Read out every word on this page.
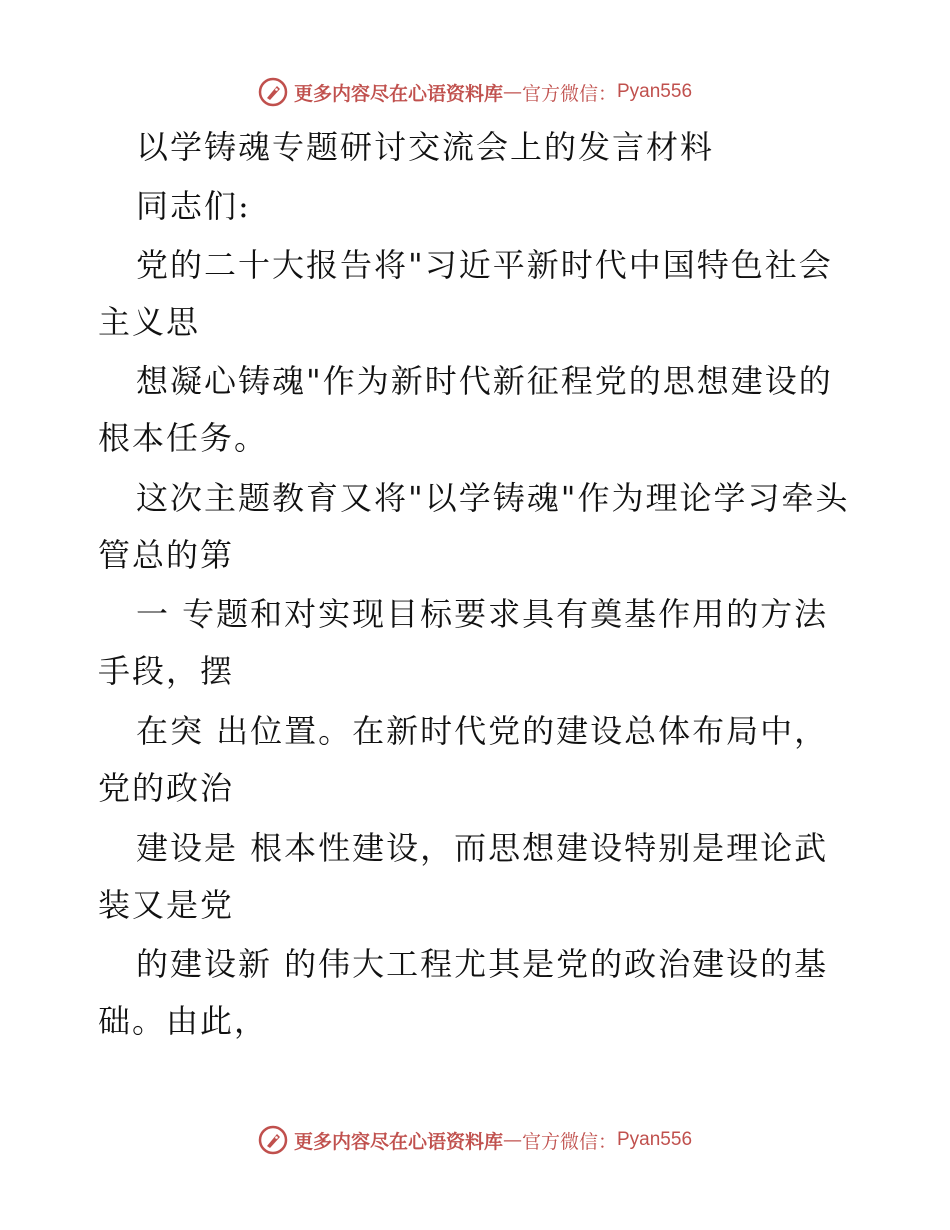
更多内容尽在心语资料库 — 官方微信： Pyan556
以学铸魂专题研讨交流会上的发言材料
同志们:
党的二十大报告将"习近平新时代中国特色社会
主义思
想凝心铸魂"作为新时代新征程党的思想建设的
根本任务。
这次主题教育又将"以学铸魂"作为理论学习牵头
管总的第
一 专题和对实现目标要求具有奠基作用的方法
手段，摆
在突 出位置。在新时代党的建设总体布局中，
党的政治
建设是 根本性建设，而思想建设特别是理论武
装又是党
的建设新 的伟大工程尤其是党的政治建设的基
础。由此，
更多内容尽在心语资料库 — 官方微信： Pyan556
